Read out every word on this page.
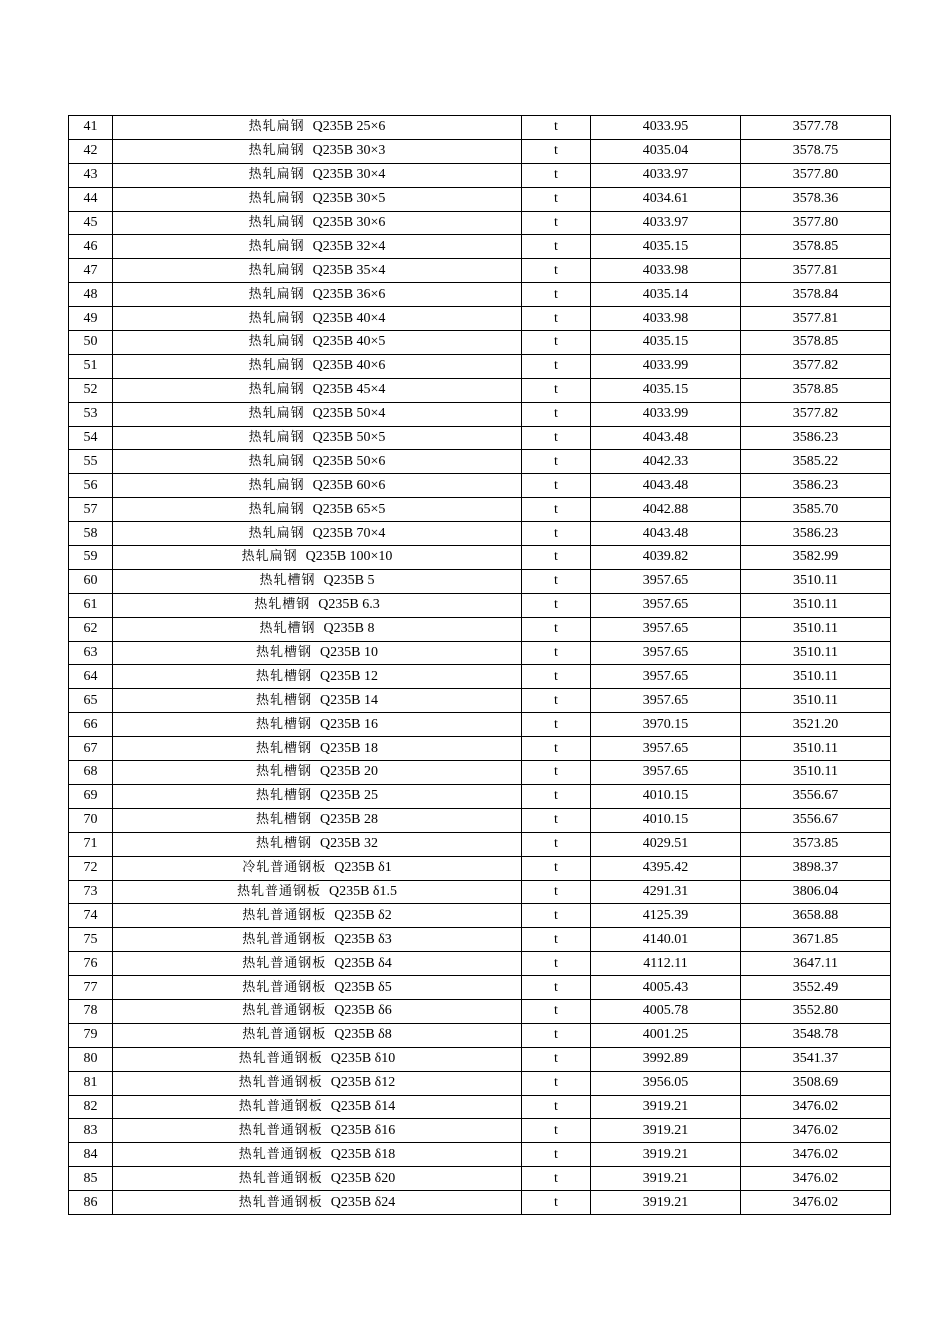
41	热轧扁钢 Q235B 25×6	t	4033.95	3577.78
42	热轧扁钢 Q235B 30×3	t	4035.04	3578.75
43	热轧扁钢 Q235B 30×4	t	4033.97	3577.80
44	热轧扁钢 Q235B 30×5	t	4034.61	3578.36
45	热轧扁钢 Q235B 30×6	t	4033.97	3577.80
46	热轧扁钢 Q235B 32×4	t	4035.15	3578.85
47	热轧扁钢 Q235B 35×4	t	4033.98	3577.81
48	热轧扁钢 Q235B 36×6	t	4035.14	3578.84
49	热轧扁钢 Q235B 40×4	t	4033.98	3577.81
50	热轧扁钢 Q235B 40×5	t	4035.15	3578.85
51	热轧扁钢 Q235B 40×6	t	4033.99	3577.82
52	热轧扁钢 Q235B 45×4	t	4035.15	3578.85
53	热轧扁钢 Q235B 50×4	t	4033.99	3577.82
54	热轧扁钢 Q235B 50×5	t	4043.48	3586.23
55	热轧扁钢 Q235B 50×6	t	4042.33	3585.22
56	热轧扁钢 Q235B 60×6	t	4043.48	3586.23
57	热轧扁钢 Q235B 65×5	t	4042.88	3585.70
58	热轧扁钢 Q235B 70×4	t	4043.48	3586.23
59	热轧扁钢 Q235B 100×10	t	4039.82	3582.99
60	热轧槽钢 Q235B 5	t	3957.65	3510.11
61	热轧槽钢 Q235B 6.3	t	3957.65	3510.11
62	热轧槽钢 Q235B 8	t	3957.65	3510.11
63	热轧槽钢 Q235B 10	t	3957.65	3510.11
64	热轧槽钢 Q235B 12	t	3957.65	3510.11
65	热轧槽钢 Q235B 14	t	3957.65	3510.11
66	热轧槽钢 Q235B 16	t	3970.15	3521.20
67	热轧槽钢 Q235B 18	t	3957.65	3510.11
68	热轧槽钢 Q235B 20	t	3957.65	3510.11
69	热轧槽钢 Q235B 25	t	4010.15	3556.67
70	热轧槽钢 Q235B 28	t	4010.15	3556.67
71	热轧槽钢 Q235B 32	t	4029.51	3573.85
72	冷轧普通钢板 Q235B δ1	t	4395.42	3898.37
73	热轧普通钢板 Q235B δ1.5	t	4291.31	3806.04
74	热轧普通钢板 Q235B δ2	t	4125.39	3658.88
75	热轧普通钢板 Q235B δ3	t	4140.01	3671.85
76	热轧普通钢板 Q235B δ4	t	4112.11	3647.11
77	热轧普通钢板 Q235B δ5	t	4005.43	3552.49
78	热轧普通钢板 Q235B δ6	t	4005.78	3552.80
79	热轧普通钢板 Q235B δ8	t	4001.25	3548.78
80	热轧普通钢板 Q235B δ10	t	3992.89	3541.37
81	热轧普通钢板 Q235B δ12	t	3956.05	3508.69
82	热轧普通钢板 Q235B δ14	t	3919.21	3476.02
83	热轧普通钢板 Q235B δ16	t	3919.21	3476.02
84	热轧普通钢板 Q235B δ18	t	3919.21	3476.02
85	热轧普通钢板 Q235B δ20	t	3919.21	3476.02
86	热轧普通钢板 Q235B δ24	t	3919.21	3476.02
